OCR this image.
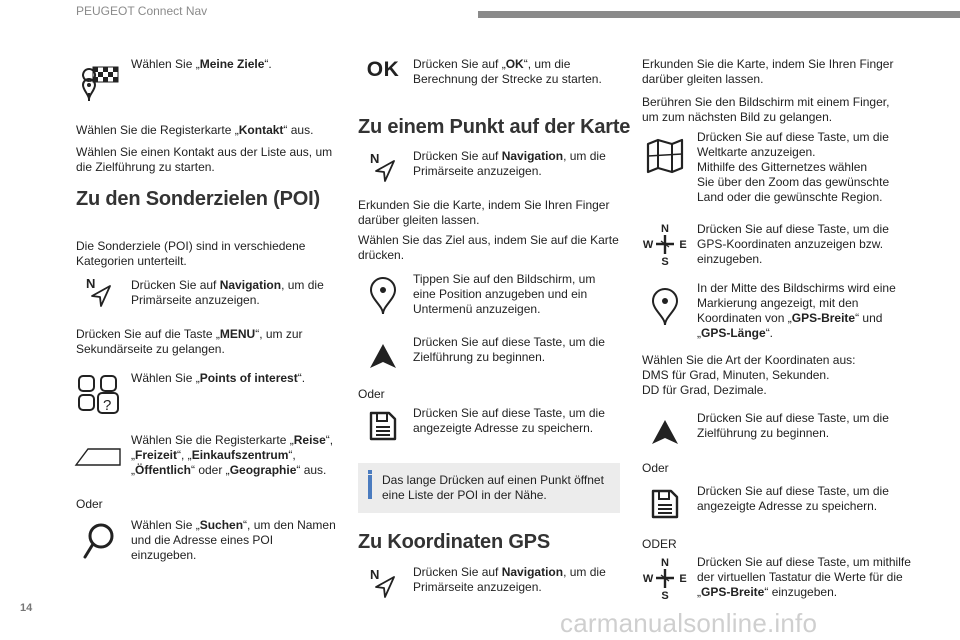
PEUGEOT Connect Nav
Wählen Sie „Meine Ziele“.
Wählen Sie die Registerkarte „Kontakt“ aus.
Wählen Sie einen Kontakt aus der Liste aus, um die Zielführung zu starten.
Zu den Sonderzielen (POI)
Die Sonderziele (POI) sind in verschiedene Kategorien unterteilt.
N	Drücken Sie auf Navigation, um die Primärseite anzuzeigen.
Drücken Sie auf die Taste „MENU“, um zur Sekundärseite zu gelangen.
?
Wählen Sie „Points of interest“.
Wählen Sie die Registerkarte „Reise“, „Freizeit“, „Einkaufszentrum“, „Öffentlich“ oder „Geographie“ aus.
Oder
Wählen Sie „Suchen“, um den Namen und die Adresse eines POI einzugeben.
OK	Drücken Sie auf „OK“, um die Berechnung der Strecke zu starten.
Zu einem Punkt auf der Karte
N	Drücken Sie auf Navigation, um die Primärseite anzuzeigen.
Erkunden Sie die Karte, indem Sie Ihren Finger darüber gleiten lassen.
Wählen Sie das Ziel aus, indem Sie auf die Karte drücken.
Tippen Sie auf den Bildschirm, um eine Position anzugeben und ein Untermenü anzuzeigen.
Drücken Sie auf diese Taste, um die Zielführung zu beginnen.
Oder
Drücken Sie auf diese Taste, um die angezeigte Adresse zu speichern.
Das lange Drücken auf einen Punkt öffnet eine Liste der POI in der Nähe.
Zu Koordinaten GPS
N	Drücken Sie auf Navigation, um die Primärseite anzuzeigen.
Erkunden Sie die Karte, indem Sie Ihren Finger darüber gleiten lassen.
Berühren Sie den Bildschirm mit einem Finger, um zum nächsten Bild zu gelangen.
Drücken Sie auf diese Taste, um die
Weltkarte anzuzeigen.
Mithilfe des Gitternetzes wählen
Sie über den Zoom das gewünschte
Land oder die gewünschte Region.
N
S
W E
Drücken Sie auf diese Taste, um die GPS-Koordinaten anzuzeigen bzw. einzugeben.
In der Mitte des Bildschirms wird eine Markierung angezeigt, mit den Koordinaten von „GPS-Breite“ und „GPS-Länge“.
Wählen Sie die Art der Koordinaten aus:
DMS für Grad, Minuten, Sekunden.
DD für Grad, Dezimale.
Drücken Sie auf diese Taste, um die Zielführung zu beginnen.
Oder
Drücken Sie auf diese Taste, um die angezeigte Adresse zu speichern.
ODER
N
S
W E
Drücken Sie auf diese Taste, um mithilfe der virtuellen Tastatur die Werte für die „GPS-Breite“ einzugeben.
14	carmanualsonline.info
